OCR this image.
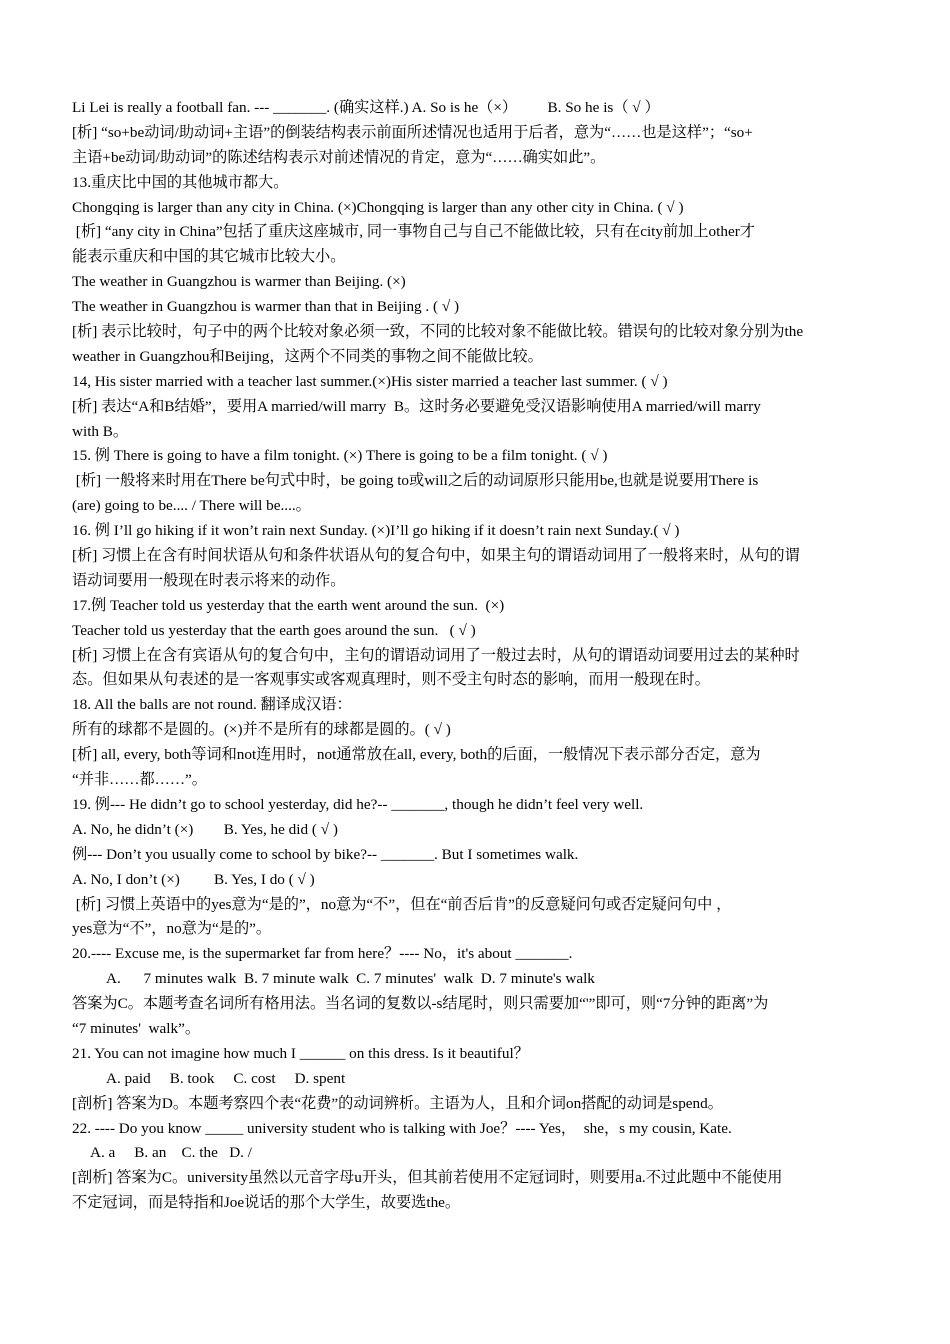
Li Lei is really a football fan. --- _______. (确实这样.) A. So is he（×）        B. So he is（ √ ）
[析] “so+be动词/助动词+主语”的倒装结构表示前面所述情况也适用于后者，意为“……也是这样”；“so+
主语+be动词/助动词”的陈述结构表示对前述情况的肯定，意为“……确实如此”。
13.重庆比中国的其他城市都大。
Chongqing is larger than any city in China. (×)Chongqing is larger than any other city in China. ( √ )
[析] “any city in China”包括了重庆这座城市, 同一事物自己与自己不能做比较，只有在city前加上other才
能表示重庆和中国的其它城市比较大小。
The weather in Guangzhou is warmer than Beijing. (×)
The weather in Guangzhou is warmer than that in Beijing . ( √ )
[析] 表示比较时，句子中的两个比较对象必须一致，不同的比较对象不能做比较。错误句的比较对象分别为the
weather in Guangzhou和Beijing，这两个不同类的事物之间不能做比较。
14, His sister married with a teacher last summer.(×)His sister married a teacher last summer. ( √ )
[析] 表达“A和B结婚”，要用A married/will marry  B。这时务必要避免受汉语影响使用A married/will marry
with B。
15. 例 There is going to have a film tonight. (×) There is going to be a film tonight. ( √ )
[析] 一般将来时用在There be句式中时，be going to或will之后的动词原形只能用be,也就是说要用There is
(are) going to be.... / There will be....。
16. 例 I’ll go hiking if it won’t rain next Sunday. (×)I’ll go hiking if it doesn’t rain next Sunday.( √ )
[析] 习惯上在含有时间状语从句和条件状语从句的复合句中，如果主句的谓语动词用了一般将来时，从句的谓
语动词要用一般现在时表示将来的动作。
17.例 Teacher told us yesterday that the earth went around the sun.  (×)
Teacher told us yesterday that the earth goes around the sun.   ( √ )
[析] 习惯上在含有宾语从句的复合句中，主句的谓语动词用了一般过去时，从句的谓语动词要用过去的某种时
态。但如果从句表述的是一客观事实或客观真理时，则不受主句时态的影响，而用一般现在时。
18. All the balls are not round. 翻译成汉语：
所有的球都不是圆的。(×)并不是所有的球都是圆的。( √ )
[析] all, every, both等词和not连用时，not通常放在all, every, both的后面，一般情况下表示部分否定，意为
“并非……都……”。
19. 例--- He didn’t go to school yesterday, did he?-- _______, though he didn’t feel very well.
A. No, he didn’t (×)        B. Yes, he did ( √ )
例--- Don’t you usually come to school by bike?-- _______. But I sometimes walk.
A. No, I don’t (×)         B. Yes, I do ( √ )
[析] 习惯上英语中的yes意为“是的”，no意为“不”，但在“前否后肯”的反意疑问句或否定疑问句中 ，
yes意为“不”，no意为“是的”。
20.---- Excuse me, is the supermarket far from here？---- No，it's about _______.
A.      7 minutes walk  B. 7 minute walk  C. 7 minutes'  walk  D. 7 minute's walk
答案为C。本题考查名词所有格用法。当名词的复数以-s结尾时，则只需要加“'”即可，则“7分钟的距离”为
“7 minutes'  walk”。
21. You can not imagine how much I ______ on this dress. Is it beautiful？
A. paid     B. took     C. cost     D. spent
[剖析] 答案为D。本题考察四个表“花费”的动词辨析。主语为人，且和介词on搭配的动词是spend。
22. ---- Do you know _____ university student who is talking with Joe？---- Yes，  she，s my cousin, Kate.
A. a     B. an    C. the   D. /
[剖析] 答案为C。university虽然以元音字母u开头，但其前若使用不定冠词时，则要用a.不过此题中不能使用
不定冠词，而是特指和Joe说话的那个大学生，故要选the。
